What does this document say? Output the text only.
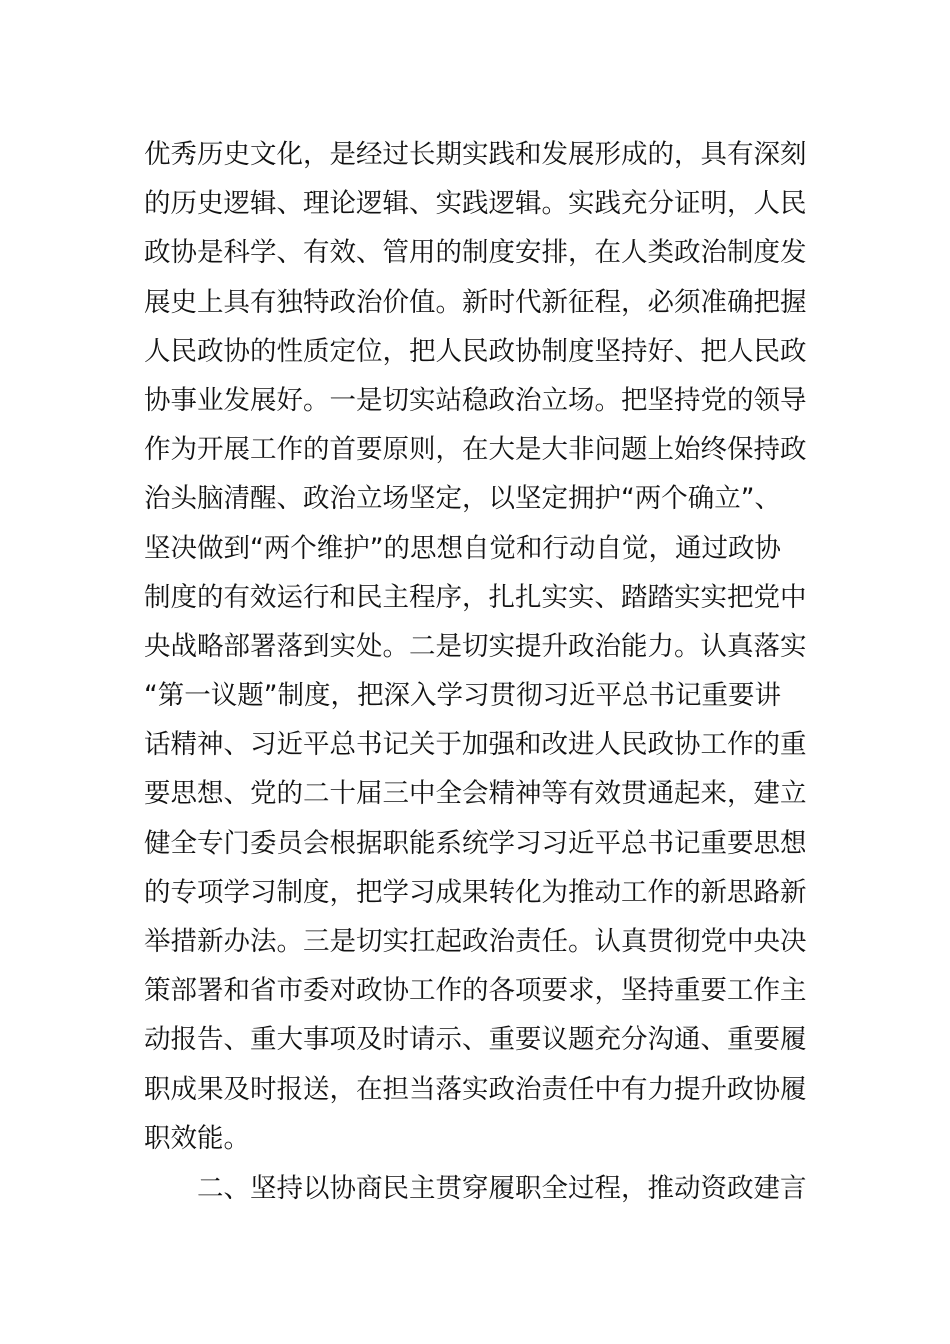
优秀历史文化，是经过长期实践和发展形成的，具有深刻
的历史逻辑、理论逻辑、实践逻辑。实践充分证明，人民
政协是科学、有效、管用的制度安排，在人类政治制度发
展史上具有独特政治价值。新时代新征程，必须准确把握
人民政协的性质定位，把人民政协制度坚持好、把人民政
协事业发展好。一是切实站稳政治立场。把坚持党的领导
作为开展工作的首要原则，在大是大非问题上始终保持政
治头脑清醒、政治立场坚定，以坚定拥护“两个确立”、
坚决做到“两个维护”的思想自觉和行动自觉，通过政协
制度的有效运行和民主程序，扎扎实实、踏踏实实把党中
央战略部署落到实处。二是切实提升政治能力。认真落实
“第一议题”制度，把深入学习贯彻习近平总书记重要讲
话精神、习近平总书记关于加强和改进人民政协工作的重
要思想、党的二十届三中全会精神等有效贯通起来，建立
健全专门委员会根据职能系统学习习近平总书记重要思想
的专项学习制度，把学习成果转化为推动工作的新思路新
举措新办法。三是切实扛起政治责任。认真贯彻党中央决
策部署和省市委对政协工作的各项要求，坚持重要工作主
动报告、重大事项及时请示、重要议题充分沟通、重要履
职成果及时报送，在担当落实政治责任中有力提升政协履
职效能。
二、坚持以协商民主贯穿履职全过程，推动资政建言
